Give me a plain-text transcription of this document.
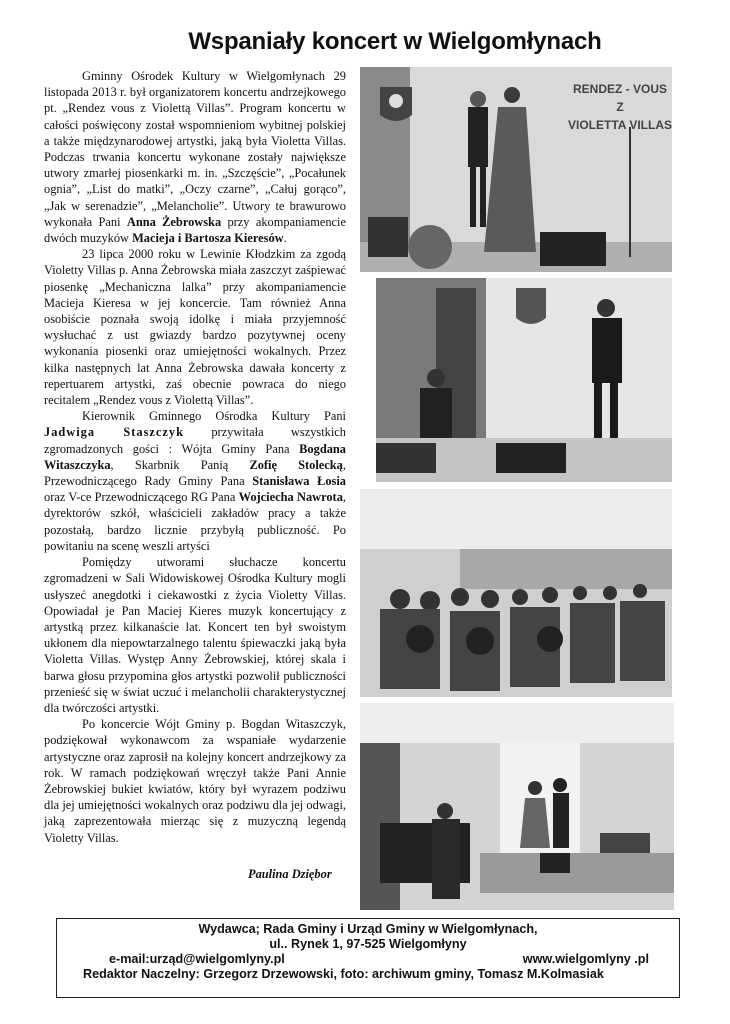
Wspaniały koncert w Wielgomłynach

Gminny Ośrodek Kultury w Wielgomłynach 29 listopada 2013 r. był organizatorem koncertu andrzejkowego pt. „Rendez vous z Violettą Villas”. Program koncertu w całości poświęcony został wspomnieniom wybitnej polskiej a także międzynarodowej artystki, jaką była Violetta Villas. Podczas trwania koncertu wykonane zostały największe utwory zmarłej piosenkarki m. in. „Szczęście”, „Pocałunek ognia”, „List do matki”, „Oczy czarne”, „Całuj gorąco”, „Jak w serenadzie”, „Melancholie”. Utwory te brawurowo wykonała Pani Anna Żebrowska przy akompaniamencie dwóch muzyków Macieja i Bartosza Kieresów.

23 lipca 2000 roku w Lewinie Kłodzkim za zgodą Violetty Villas p. Anna Żebrowska miała zaszczyt zaśpiewać piosenkę „Mechaniczna lalka” przy akompaniamencie Macieja Kieresa w jej koncercie. Tam również Anna osobiście poznała swoją idolkę i miała przyjemność wysłuchać z ust gwiazdy bardzo pozytywnej oceny wykonania piosenki oraz umiejętności wokalnych. Przez kilka następnych lat Anna Żebrowska dawała koncerty z repertuarem artystki, zaś obecnie powraca do niego recitalem „Rendez vous z Violettą Villas”.

Kierownik Gminnego Ośrodka Kultury Pani Jadwiga Staszczyk przywitała wszystkich zgromadzonych gości : Wójta Gminy Pana Bogdana Witaszczyka, Skarbnik Panią Zofię Stolecką, Przewodniczącego Rady Gminy Pana Stanisława Łosia oraz V-ce Przewodniczącego RG Pana Wojciecha Nawrota, dyrektorów szkół, właścicieli zakładów pracy a także pozostałą, bardzo licznie przybyłą publiczność. Po powitaniu na scenę weszli artyści

Pomiędzy utworami słuchacze koncertu zgromadzeni w Sali Widowiskowej Ośrodka Kultury mogli usłyszeć anegdotki i ciekawostki z życia Violetty Villas. Opowiadał je Pan Maciej Kieres muzyk koncertujący z artystką przez kilkanaście lat. Koncert ten był swoistym ukłonem dla niepowtarzalnego talentu śpiewaczki jaką była Violetta Villas. Występ Anny Żebrowskiej, której skala i barwa głosu przypomina głos artystki pozwolił publiczności przenieść się w świat uczuć i melancholii charakterystycznej dla twórczości artystki.

Po koncercie Wójt Gminy p. Bogdan Witaszczyk, podziękował wykonawcom za wspaniałe wydarzenie artystyczne oraz zaprosił na kolejny koncert andrzejkowy za rok. W ramach podziękowań wręczył także Pani Annie Żebrowskiej bukiet kwiatów, który był wyrazem podziwu dla jej umiejętności wokalnych oraz podziwu dla jej odwagi, jaką zaprezentowała mierząc się z muzyczną legendą Violetty Villas.

Paulina Dziębor
RENDEZ - VOUS
Z
VIOLETTA VILLAS
Wydawca; Rada Gminy i Urząd Gminy w Wielgomłynach,
ul.. Rynek 1, 97-525 Wielgomłyny
e-mail:urząd@wielgomlyny.pl	www.wielgomlyny .pl
Redaktor Naczelny: Grzegorz Drzewowski, foto: archiwum gminy, Tomasz M.Kolmasiak
